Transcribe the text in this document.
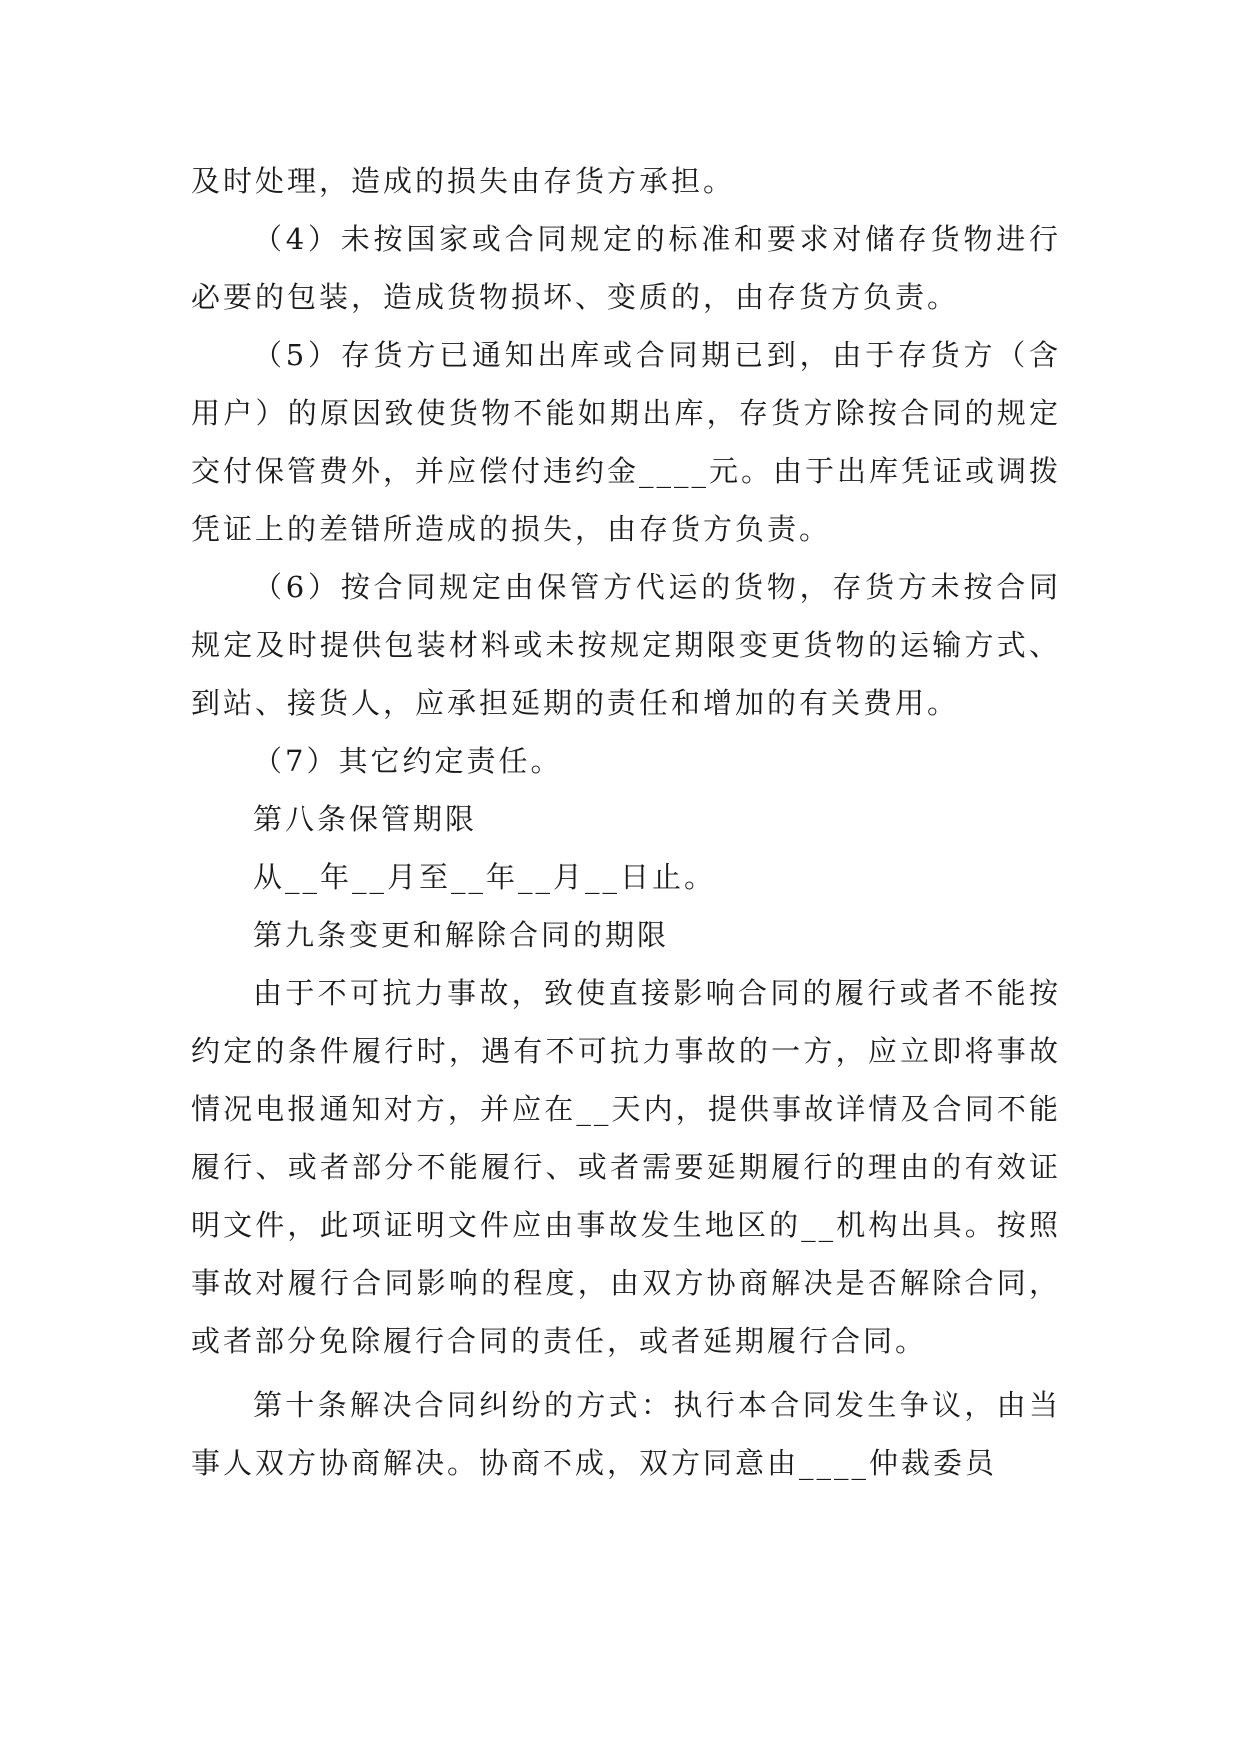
及时处理，造成的损失由存货方承担。

（4）未按国家或合同规定的标准和要求对储存货物进行必要的包装，造成货物损坏、变质的，由存货方负责。

（5）存货方已通知出库或合同期已到，由于存货方（含用户）的原因致使货物不能如期出库，存货方除按合同的规定交付保管费外，并应偿付违约金____元。由于出库凭证或调拨凭证上的差错所造成的损失，由存货方负责。

（6）按合同规定由保管方代运的货物，存货方未按合同规定及时提供包装材料或未按规定期限变更货物的运输方式、到站、接货人，应承担延期的责任和增加的有关费用。

（7）其它约定责任。

第八条保管期限

从__年__月至__年__月__日止。

第九条变更和解除合同的期限

由于不可抗力事故，致使直接影响合同的履行或者不能按约定的条件履行时，遇有不可抗力事故的一方，应立即将事故情况电报通知对方，并应在__天内，提供事故详情及合同不能履行、或者部分不能履行、或者需要延期履行的理由的有效证明文件，此项证明文件应由事故发生地区的__机构出具。按照事故对履行合同影响的程度，由双方协商解决是否解除合同，或者部分免除履行合同的责任，或者延期履行合同。

第十条解决合同纠纷的方式：执行本合同发生争议，由当事人双方协商解决。协商不成，双方同意由____仲裁委员
